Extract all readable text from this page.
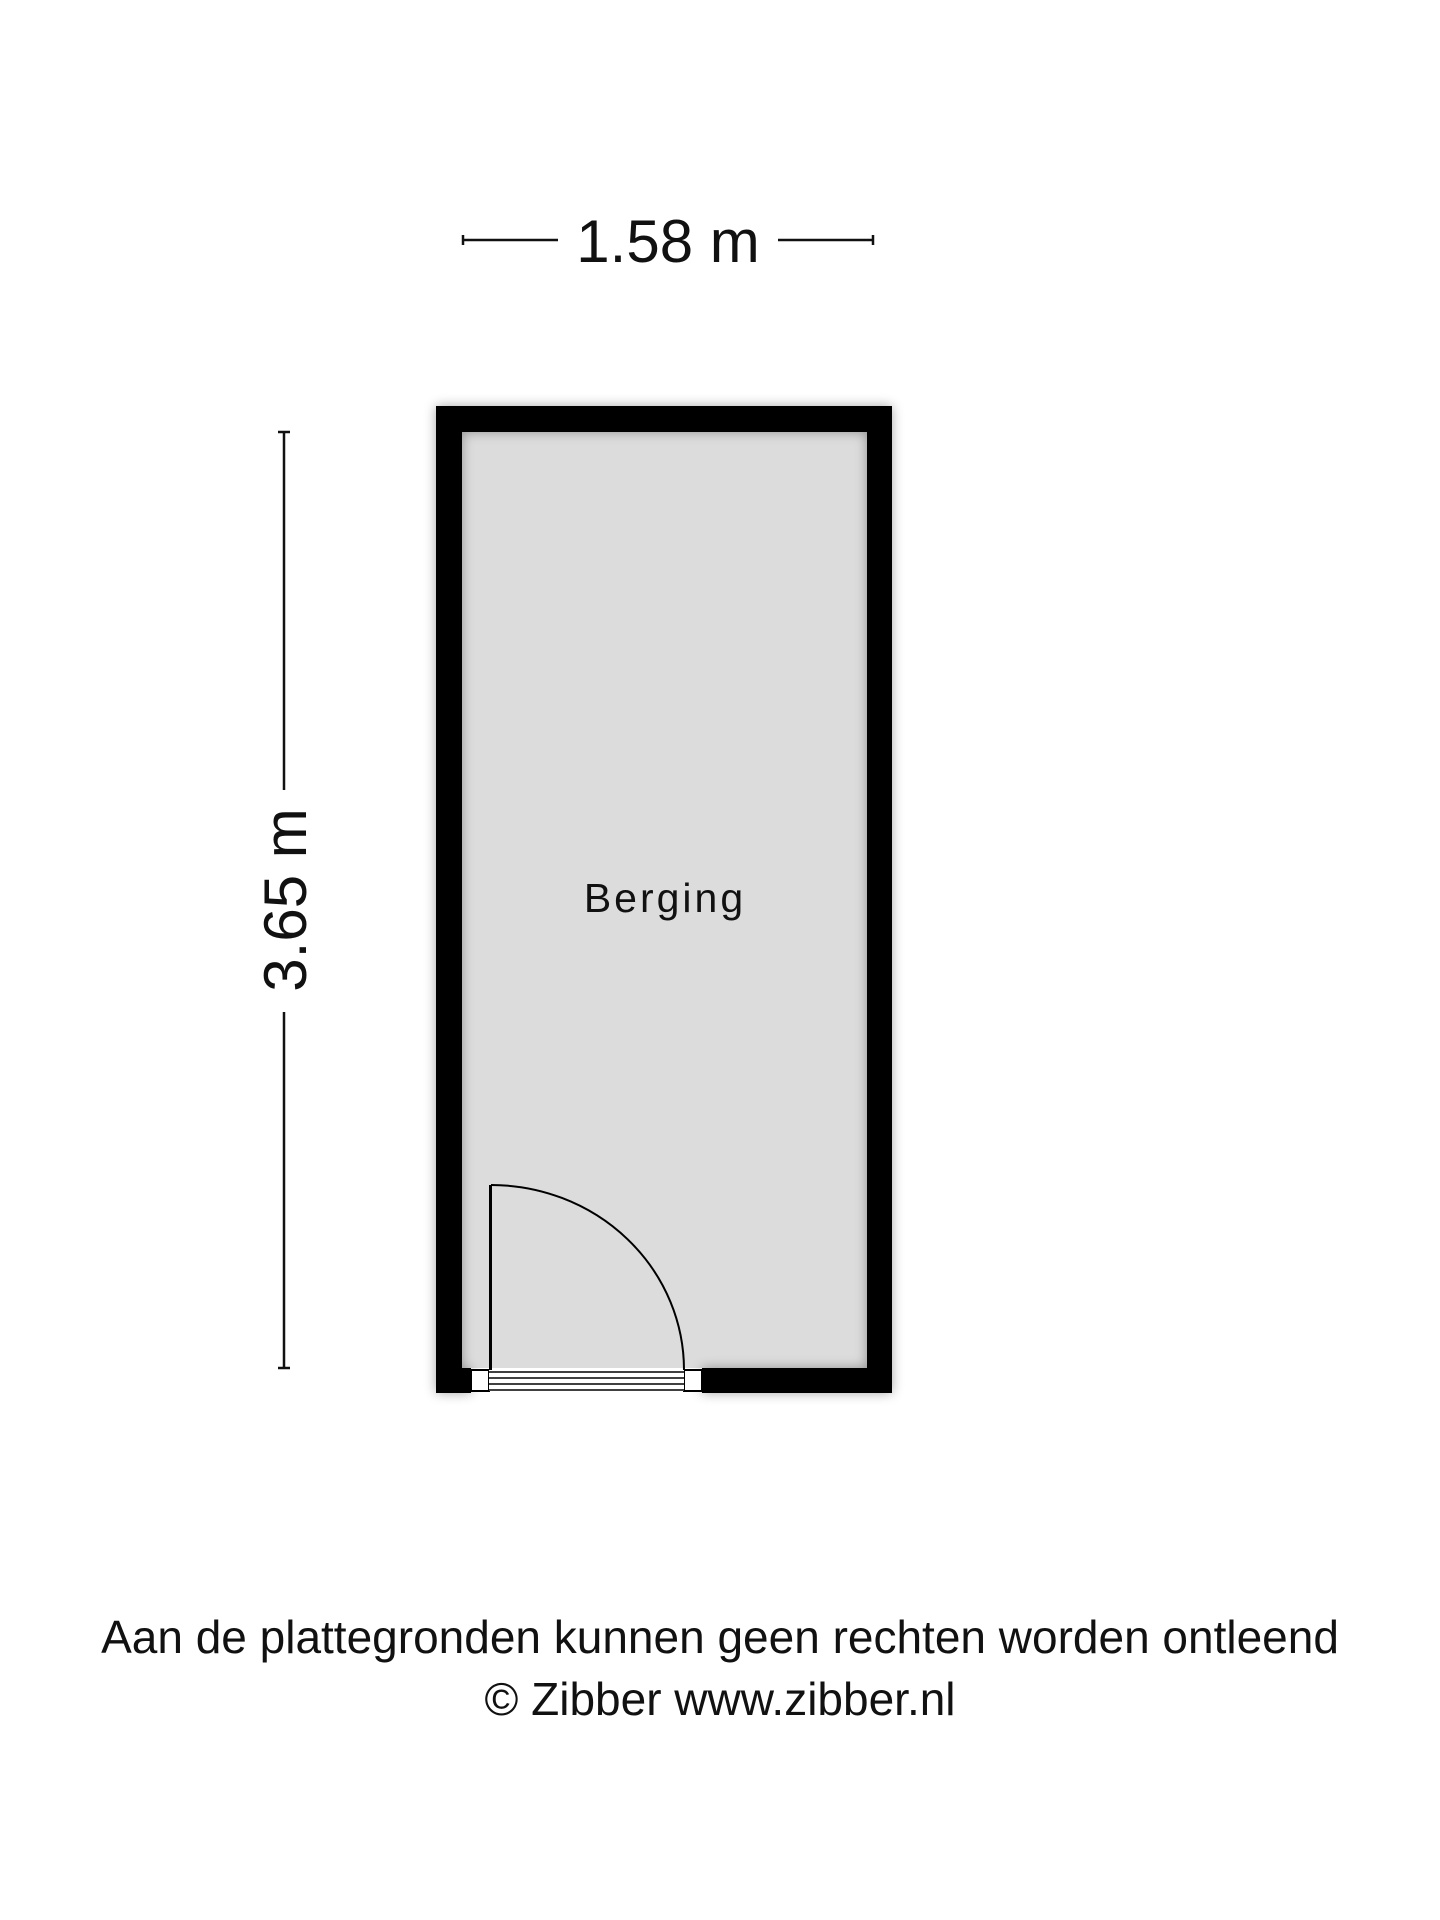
1.58 m
3.65 m	Berging
Aan de plattegronden kunnen geen rechten worden ontleend
© Zibber www.zibber.nl
